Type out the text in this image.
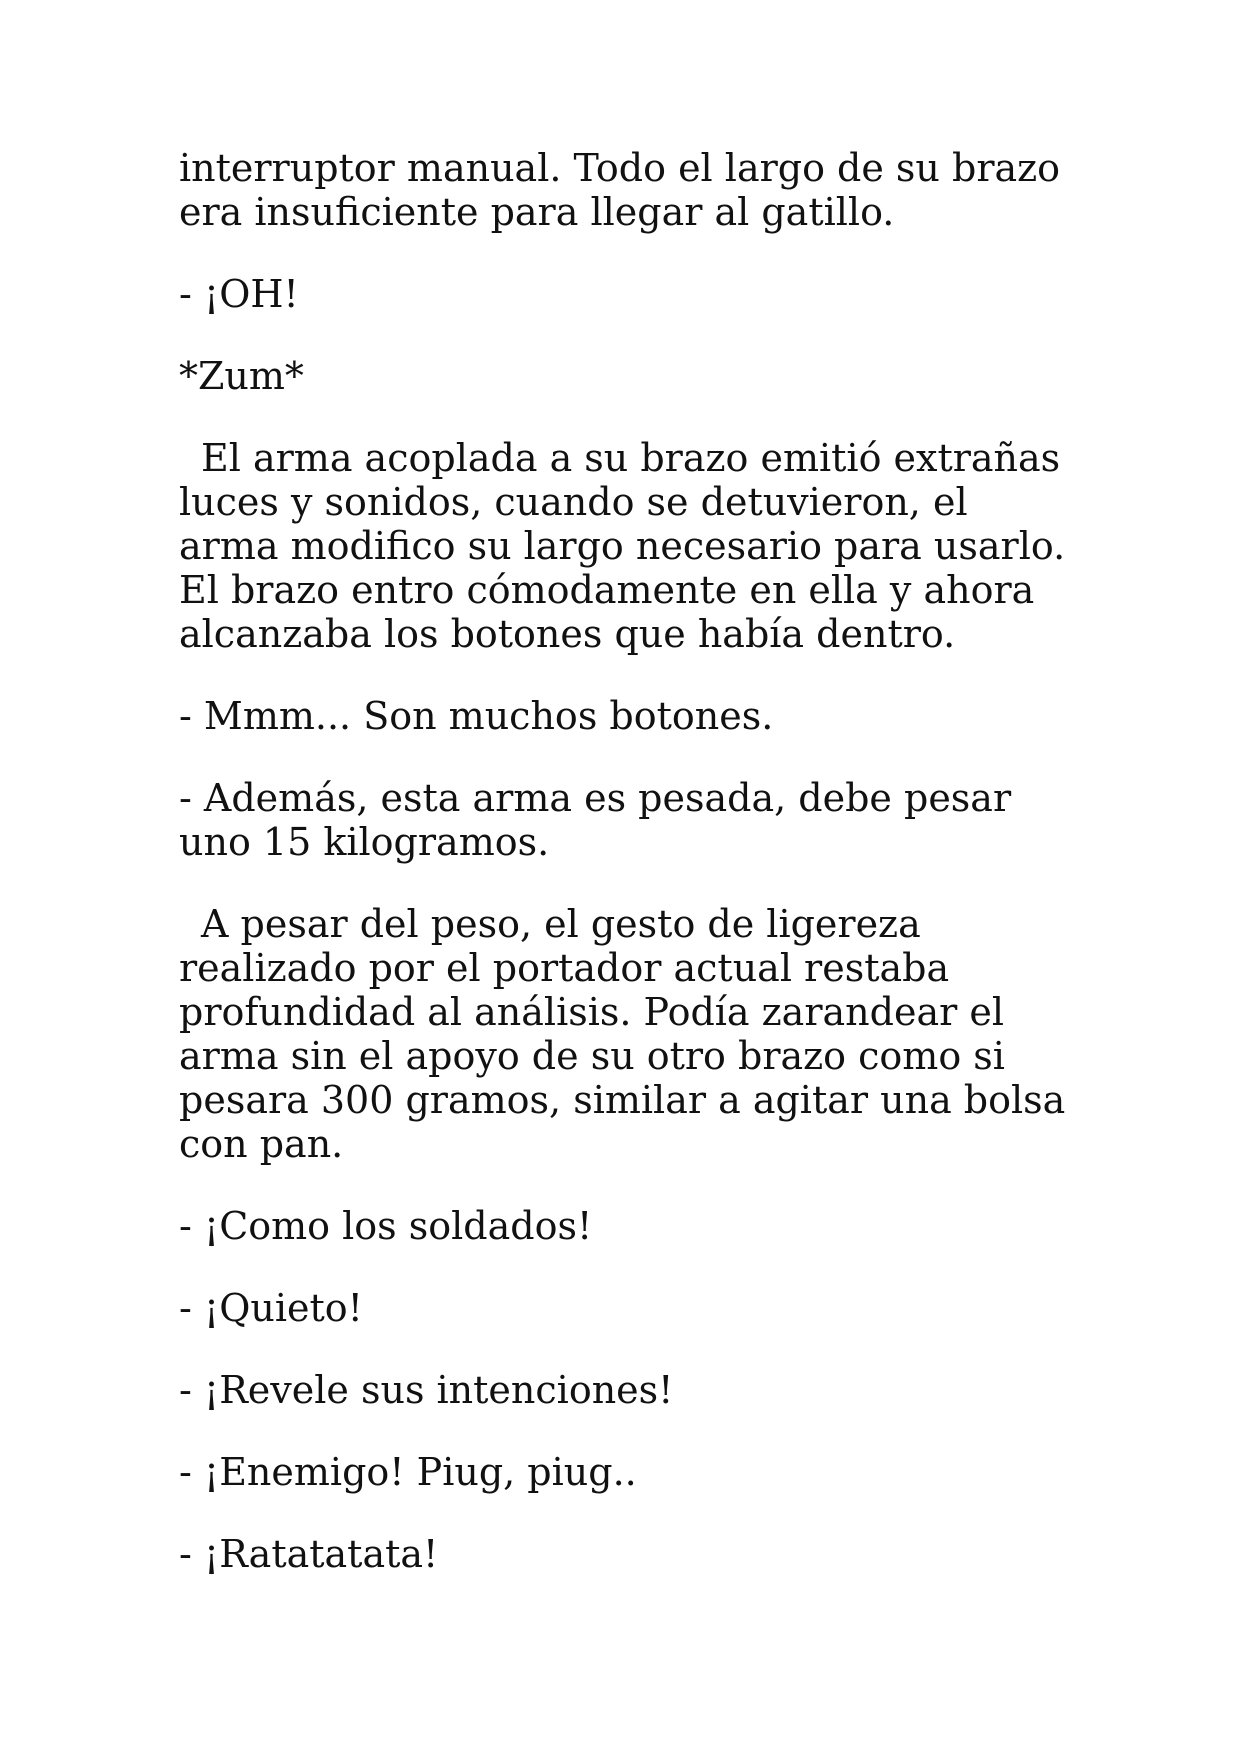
interruptor manual. Todo el largo de su brazo era insuficiente para llegar al gatillo.

- ¡OH!

*Zum*

El arma acoplada a su brazo emitió extrañas luces y sonidos, cuando se detuvieron, el arma modifico su largo necesario para usarlo. El brazo entro cómodamente en ella y ahora alcanzaba los botones que había dentro.

- Mmm... Son muchos botones.

- Además, esta arma es pesada, debe pesar uno 15 kilogramos.

A pesar del peso, el gesto de ligereza realizado por el portador actual restaba profundidad al análisis. Podía zarandear el arma sin el apoyo de su otro brazo como si pesara 300 gramos, similar a agitar una bolsa con pan.

- ¡Como los soldados!

- ¡Quieto!

- ¡Revele sus intenciones!

- ¡Enemigo! Piug, piug..

- ¡Ratatatata!
